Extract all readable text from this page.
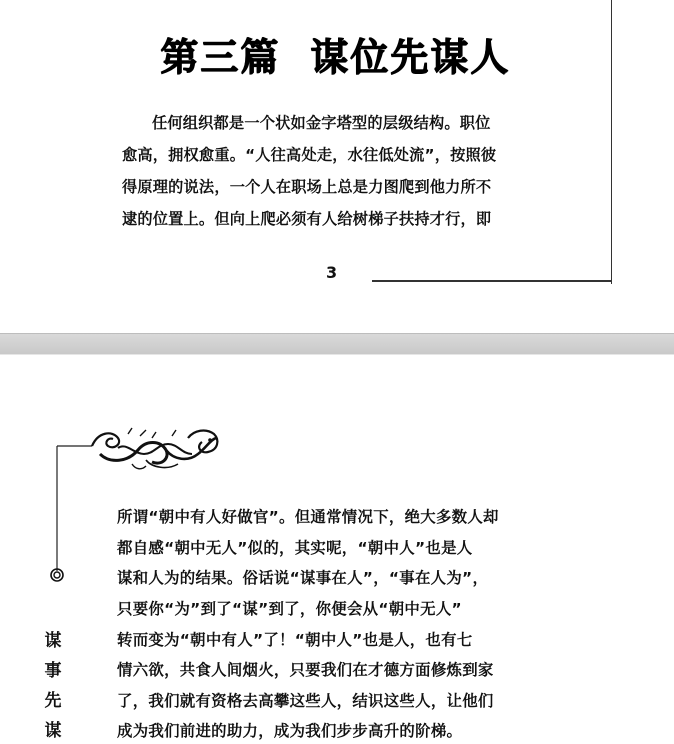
第三篇 谋位先谋人
任何组织都是一个状如金字塔型的层级结构。职位
愈高，拥权愈重。“人往高处走，水往低处流”，按照彼
得原理的说法，一个人在职场上总是力图爬到他力所不
逮的位置上。但向上爬必须有人给树梯子扶持才行，即
3
所谓“朝中有人好做官”。但通常情况下，绝大多数人却
都自感“朝中无人”似的，其实呢，“朝中人”也是人
谋和人为的结果。俗话说“谋事在人”，“事在人为”，
只要你“为”到了“谋”到了，你便会从“朝中无人”
转而变为“朝中有人”了！“朝中人”也是人，也有七
情六欲，共食人间烟火，只要我们在才德方面修炼到家
了，我们就有资格去高攀这些人，结识这些人，让他们
成为我们前进的助力，成为我们步步高升的阶梯。
谋
事
先
谋
